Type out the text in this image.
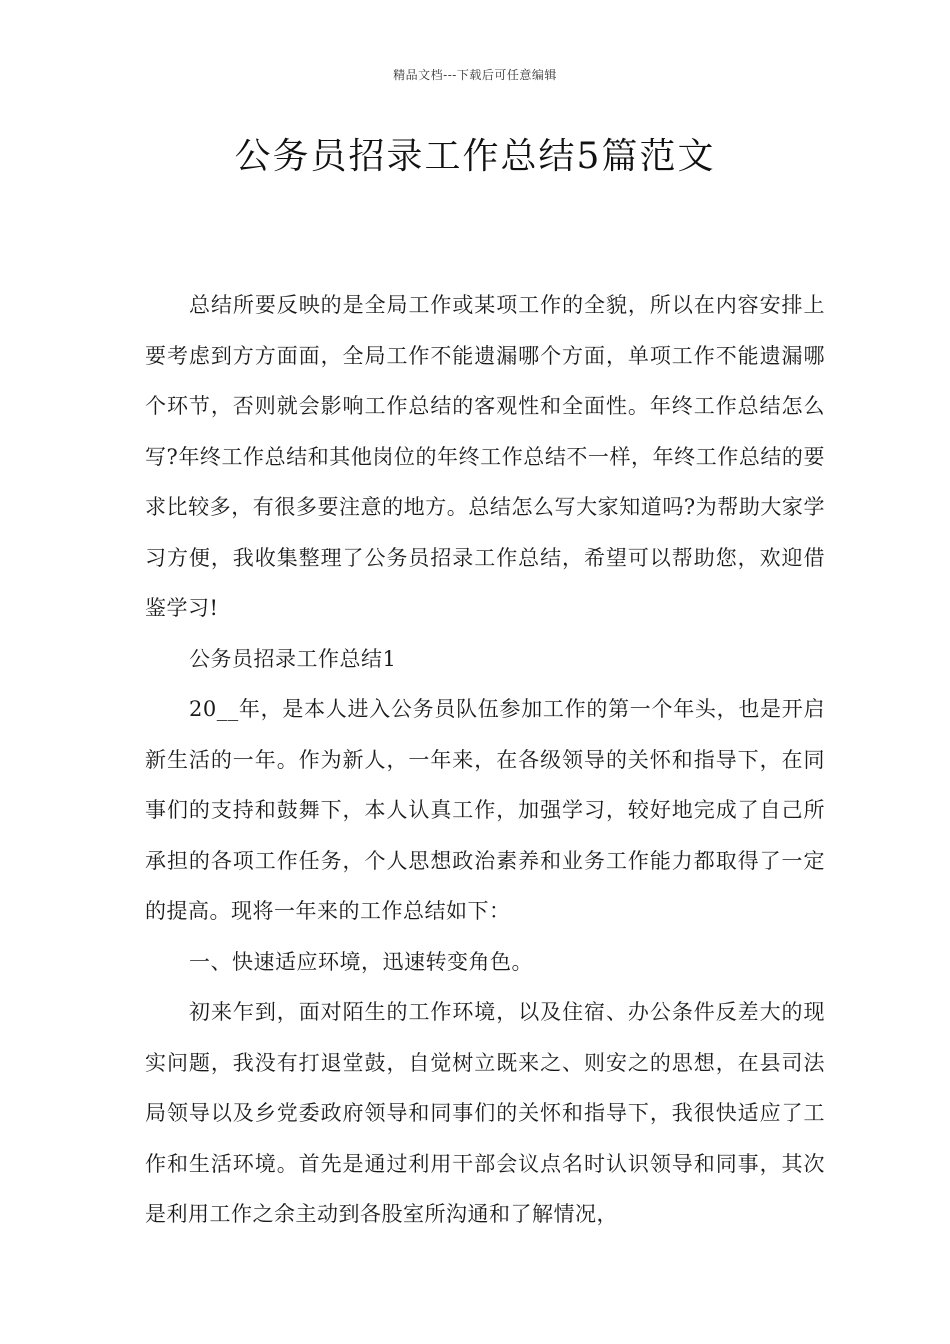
精品文档---下载后可任意编辑
公务员招录工作总结5篇范文

总结所要反映的是全局工作或某项工作的全貌，所以在内容安排上要考虑到方方面面，全局工作不能遗漏哪个方面，单项工作不能遗漏哪个环节，否则就会影响工作总结的客观性和全面性。年终工作总结怎么写?年终工作总结和其他岗位的年终工作总结不一样，年终工作总结的要求比较多，有很多要注意的地方。总结怎么写大家知道吗?为帮助大家学习方便，我收集整理了公务员招录工作总结，希望可以帮助您，欢迎借鉴学习!

公务员招录工作总结1

20__年，是本人进入公务员队伍参加工作的第一个年头，也是开启新生活的一年。作为新人，一年来，在各级领导的关怀和指导下，在同事们的支持和鼓舞下，本人认真工作，加强学习，较好地完成了自己所承担的各项工作任务，个人思想政治素养和业务工作能力都取得了一定的提高。现将一年来的工作总结如下：

一、快速适应环境，迅速转变角色。

初来乍到，面对陌生的工作环境，以及住宿、办公条件反差大的现实问题，我没有打退堂鼓，自觉树立既来之、则安之的思想，在县司法局领导以及乡党委政府领导和同事们的关怀和指导下，我很快适应了工作和生活环境。首先是通过利用干部会议点名时认识领导和同事，其次是利用工作之余主动到各股室所沟通和了解情况，
